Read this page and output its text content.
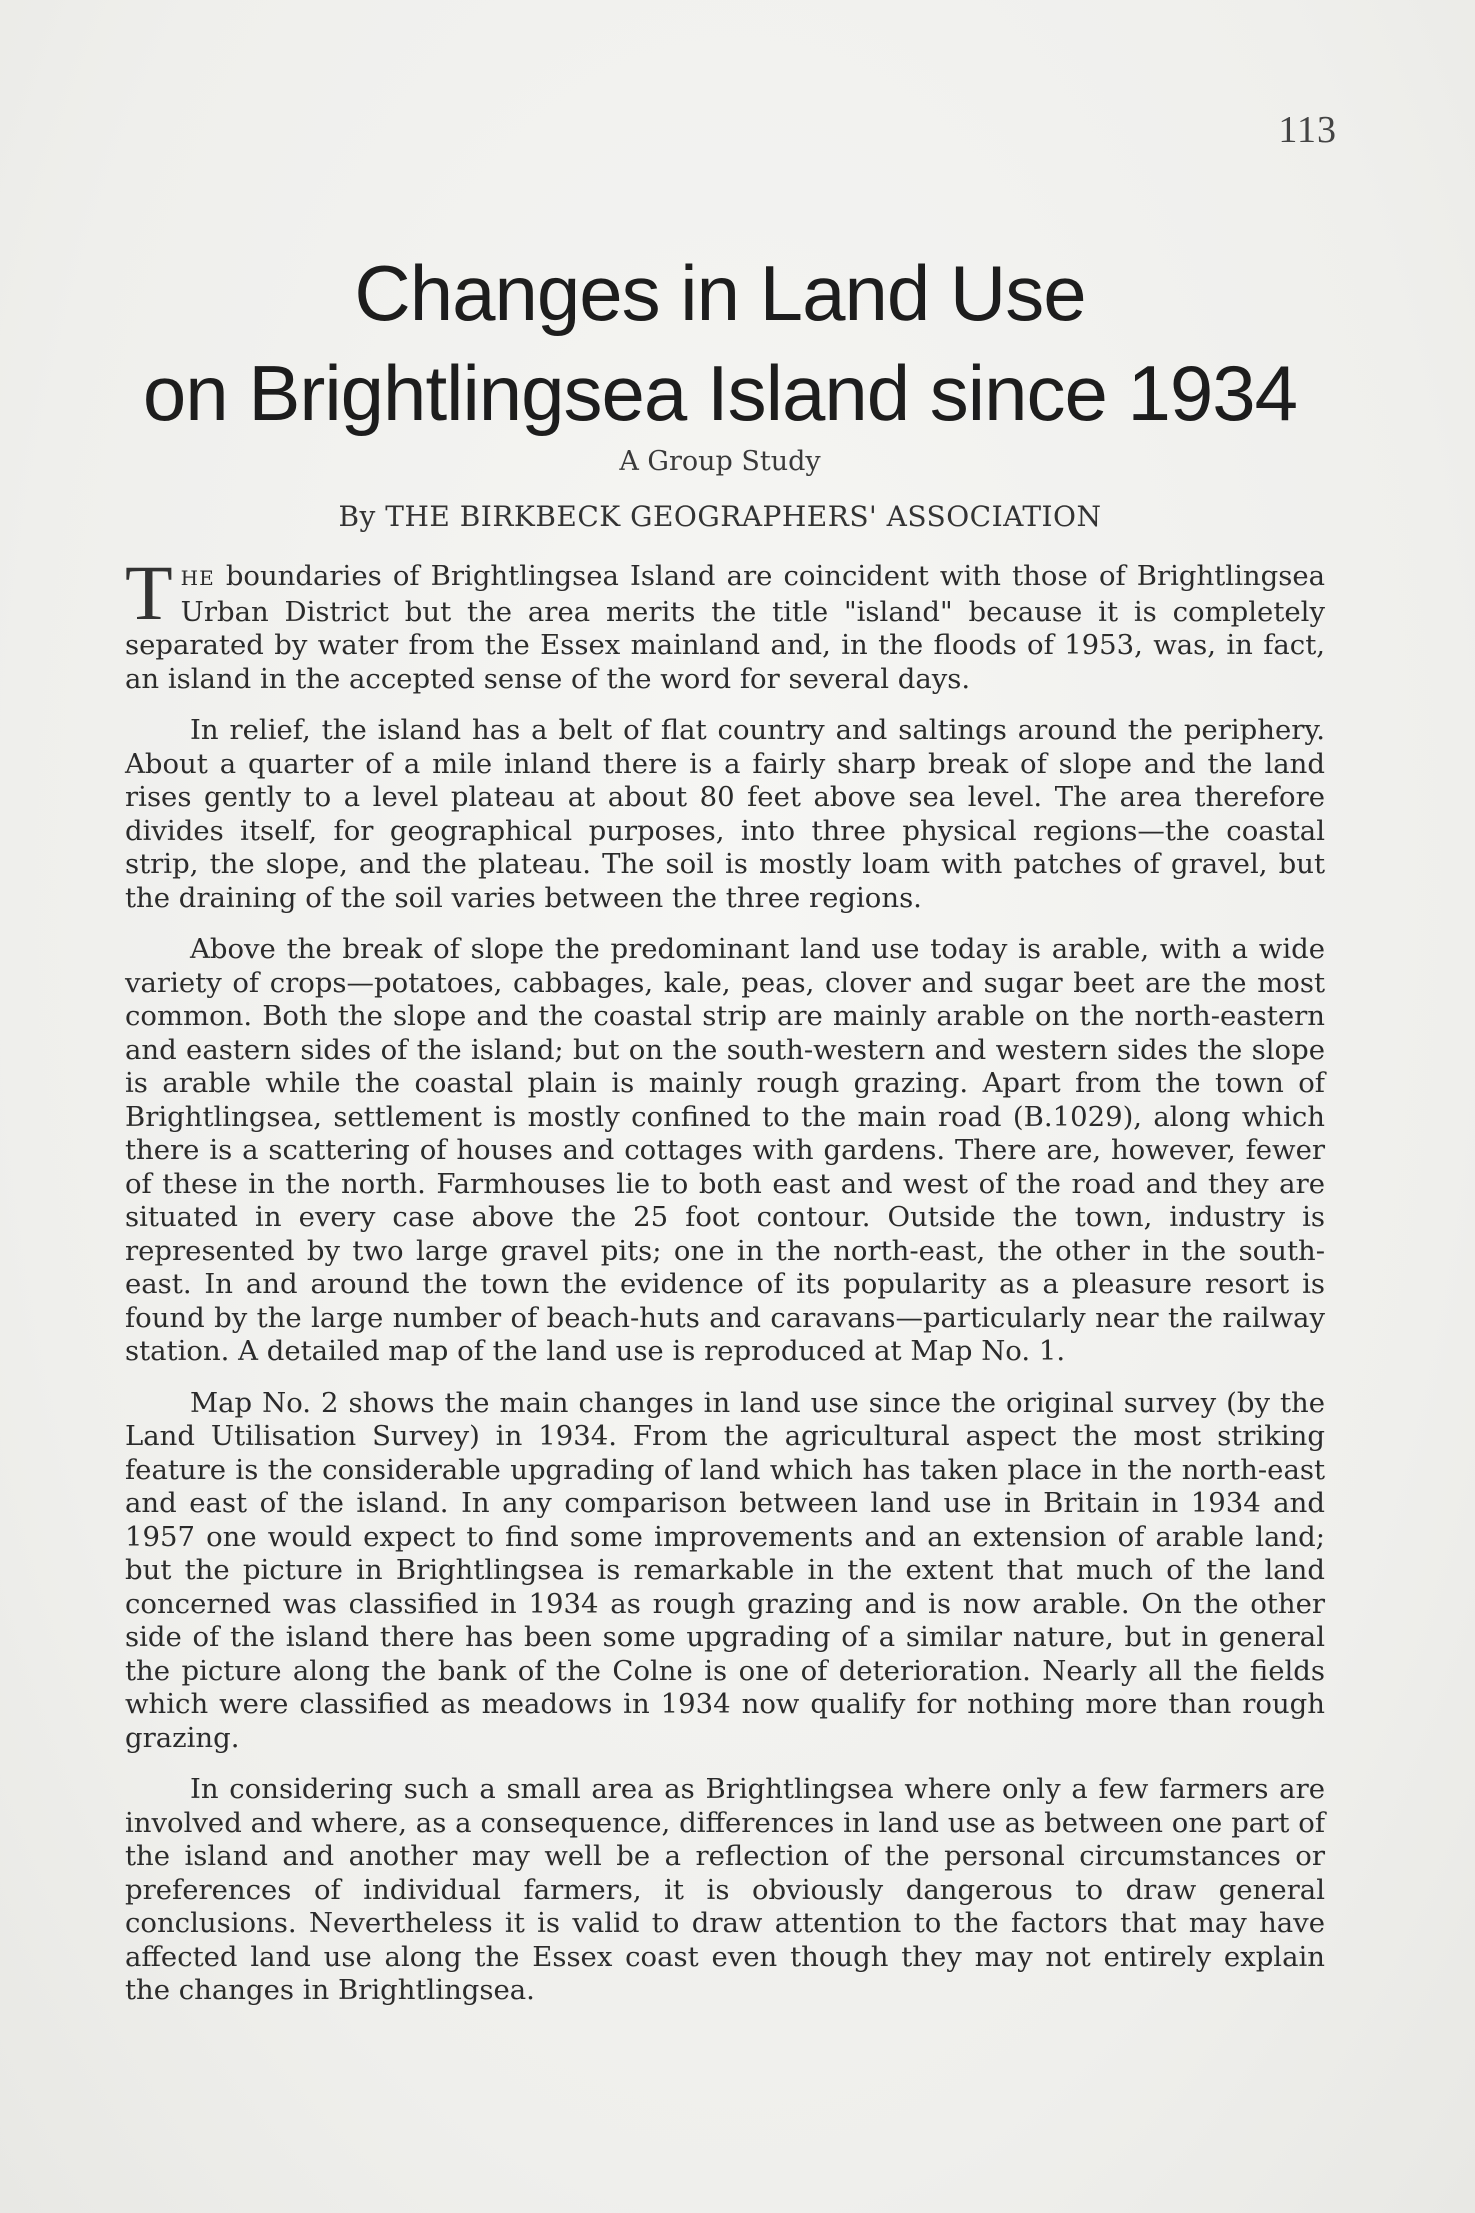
113
Changes in Land Use
on Brightlingsea Island since 1934
A Group Study
By THE BIRKBECK GEOGRAPHERS' ASSOCIATION

THE boundaries of Brightlingsea Island are coincident with those of Brightlingsea Urban District but the area merits the title "island" because it is completely separated by water from the Essex mainland and, in the floods of 1953, was, in fact, an island in the accepted sense of the word for several days.

In relief, the island has a belt of flat country and saltings around the periphery. About a quarter of a mile inland there is a fairly sharp break of slope and the land rises gently to a level plateau at about 80 feet above sea level. The area therefore divides itself, for geographical purposes, into three physical regions—the coastal strip, the slope, and the plateau. The soil is mostly loam with patches of gravel, but the draining of the soil varies between the three regions.

Above the break of slope the predominant land use today is arable, with a wide variety of crops—potatoes, cabbages, kale, peas, clover and sugar beet are the most common. Both the slope and the coastal strip are mainly arable on the north-eastern and eastern sides of the island; but on the south-western and western sides the slope is arable while the coastal plain is mainly rough grazing. Apart from the town of Brightlingsea, settlement is mostly confined to the main road (B.1029), along which there is a scattering of houses and cottages with gardens. There are, however, fewer of these in the north. Farmhouses lie to both east and west of the road and they are situated in every case above the 25 foot contour. Outside the town, industry is represented by two large gravel pits; one in the north-east, the other in the south-east. In and around the town the evidence of its popularity as a pleasure resort is found by the large number of beach-huts and caravans—particularly near the railway station. A detailed map of the land use is reproduced at Map No. 1.

Map No. 2 shows the main changes in land use since the original survey (by the Land Utilisation Survey) in 1934. From the agricultural aspect the most striking feature is the considerable upgrading of land which has taken place in the north-east and east of the island. In any comparison between land use in Britain in 1934 and 1957 one would expect to find some improvements and an extension of arable land; but the picture in Brightlingsea is remarkable in the extent that much of the land concerned was classified in 1934 as rough grazing and is now arable. On the other side of the island there has been some upgrading of a similar nature, but in general the picture along the bank of the Colne is one of deterioration. Nearly all the fields which were classified as meadows in 1934 now qualify for nothing more than rough grazing.

In considering such a small area as Brightlingsea where only a few farmers are involved and where, as a consequence, differences in land use as between one part of the island and another may well be a reflection of the personal circumstances or preferences of individual farmers, it is obviously dangerous to draw general conclusions. Nevertheless it is valid to draw attention to the factors that may have affected land use along the Essex coast even though they may not entirely explain the changes in Brightlingsea.
